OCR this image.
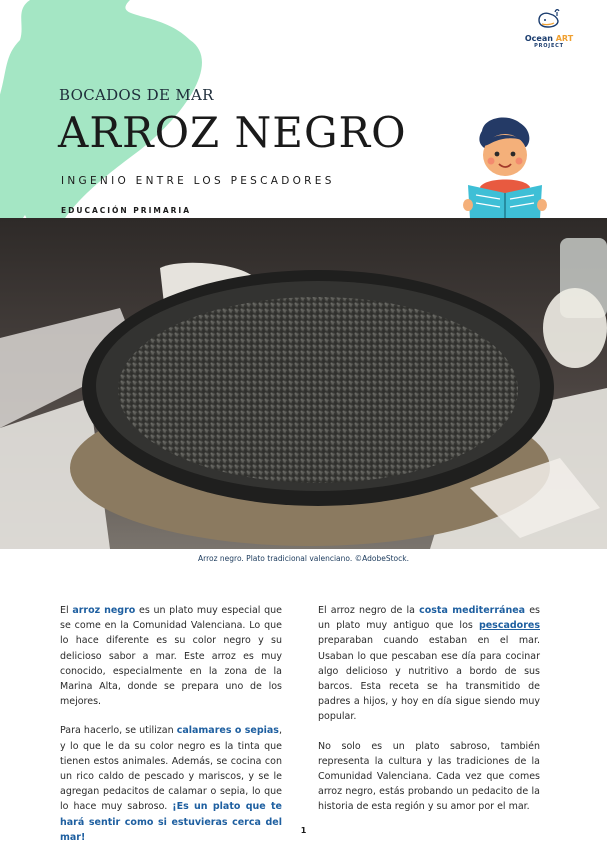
Ocean ART
PROJECT
BOCADOS DE MAR
ARROZ NEGRO
INGENIO ENTRE LOS PESCADORES
EDUCACIÓN PRIMARIA
Arroz negro. Plato tradicional valenciano. ©AdobeStock.

El arroz negro es un plato muy especial que se come en la Comunidad Valenciana. Lo que lo hace diferente es su color negro y su delicioso sabor a mar. Este arroz es muy conocido, especialmente en la zona de la Marina Alta, donde se prepara uno de los mejores.

Para hacerlo, se utilizan calamares o sepias, y lo que le da su color negro es la tinta que tienen estos animales. Además, se cocina con un rico caldo de pescado y mariscos, y se le agregan pedacitos de calamar o sepia, lo que lo hace muy sabroso. ¡Es un plato que te hará sentir como si estuvieras cerca del mar!

El arroz negro de la costa mediterránea es un plato muy antiguo que los pescadores preparaban cuando estaban en el mar. Usaban lo que pescaban ese día para cocinar algo delicioso y nutritivo a bordo de sus barcos. Esta receta se ha transmitido de padres a hijos, y hoy en día sigue siendo muy popular.

No solo es un plato sabroso, también representa la cultura y las tradiciones de la Comunidad Valenciana. Cada vez que comes arroz negro, estás probando un pedacito de la historia de esta región y su amor por el mar.

1
